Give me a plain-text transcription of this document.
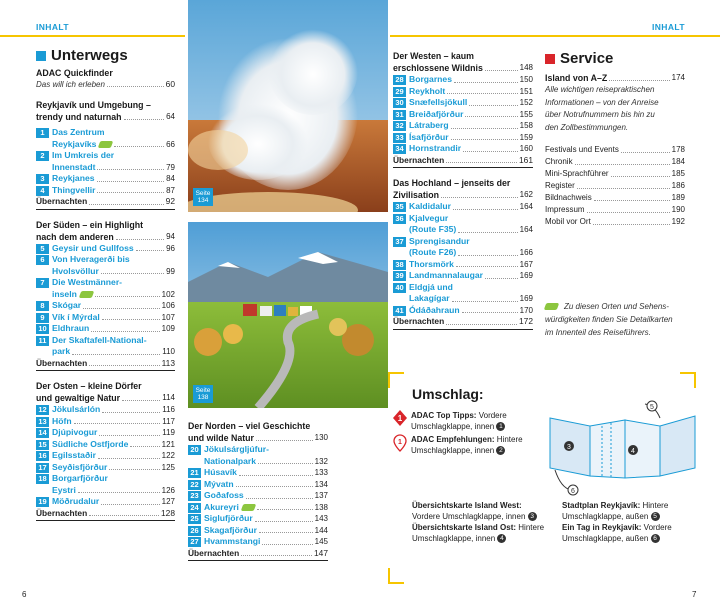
INHALT	INHALT
Unterwegs
ADAC Quickfinder
Das will ich erleben	60
Reykjavík und Umgebung –
trendy und naturnah	64
1 Das Zentrum
Reykjavíks	66
2 Im Umkreis der
Innenstadt	79
3 Reykjanes	84
4 Thingvellir	87
Übernachten	92
Der Süden – ein Highlight
nach dem anderen	94
5 Geysir und Gullfoss	96
6 Von Hveragerði bis
Hvolsvöllur	99
7 Die Westmänner-
inseln	102
8 Skógar	106
9 Vík í Mýrdal	107
10 Eldhraun	109
11 Der Skaftafell-National-
park	110
Übernachten	113
Der Osten – kleine Dörfer
und gewaltige Natur	114
12 Jökulsárlón	116
13 Höfn	117
14 Djúpivogur	119
15 Südliche Ostfjorde	121
16 Egilsstaðir	122
17 Seyðisfjörður	125
18 Borgarfjörður
Eystri	126
19 Möðrudalur	127
Übernachten	128
Seite
134
Seite
138
Der Norden – viel Geschichte
und wilde Natur	130
20 Jökulsárgljúfur-
Nationalpark	132
21 Húsavík	133
22 Mývatn	134
23 Goðafoss	137
24 Akureyri	138
25 Siglufjörður	143
26 Skagafjörður	144
27 Hvammstangi	145
Übernachten	147
Der Westen – kaum
erschlossene Wildnis	148
28 Borgarnes	150
29 Reykholt	151
30 Snæfellsjökull	152
31 Breiðafjörður	155
32 Látraberg	158
33 Ísafjörður	159
34 Hornstrandir	160
Übernachten	161
Das Hochland – jenseits der
Zivilisation	162
35 Kaldidalur	164
36 Kjalvegur
(Route F35)	164
37 Sprengisandur
(Route F26)	166
38 Thorsmörk	167
39 Landmannalaugar	169
40 Eldgjá und
Lakagígar	169
41 Ódáðahraun	170
Übernachten	172
Service
Island von A–Z	174
Alle wichtigen reisepraktischen
Informationen – von der Anreise
über Notrufnummern bis hin zu
den Zollbestimmungen.
Festivals und Events	178
Chronik	184
Mini-Sprachführer	185
Register	186
Bildnachweis	189
Impressum	190
Mobil vor Ort	192
Zu diesen Orten und Sehens-
würdigkeiten finden Sie Detailkarten
im Innenteil des Reiseführers.
Umschlag:
1 ADAC Top Tipps: Vordere
Umschlagklappe, innen 1
1 ADAC Empfehlungen: Hintere
Umschlagklappe, innen 2	3
4
5
6
Übersichtskarte Island West:
Vordere Umschlagklappe, innen 3
Übersichtskarte Island Ost: Hintere
Umschlagklappe, innen 4
Stadtplan Reykjavík: Hintere
Umschlagklappe, außen 5
Ein Tag in Reykjavík: Vordere
Umschlagklappe, außen 6
6	7
